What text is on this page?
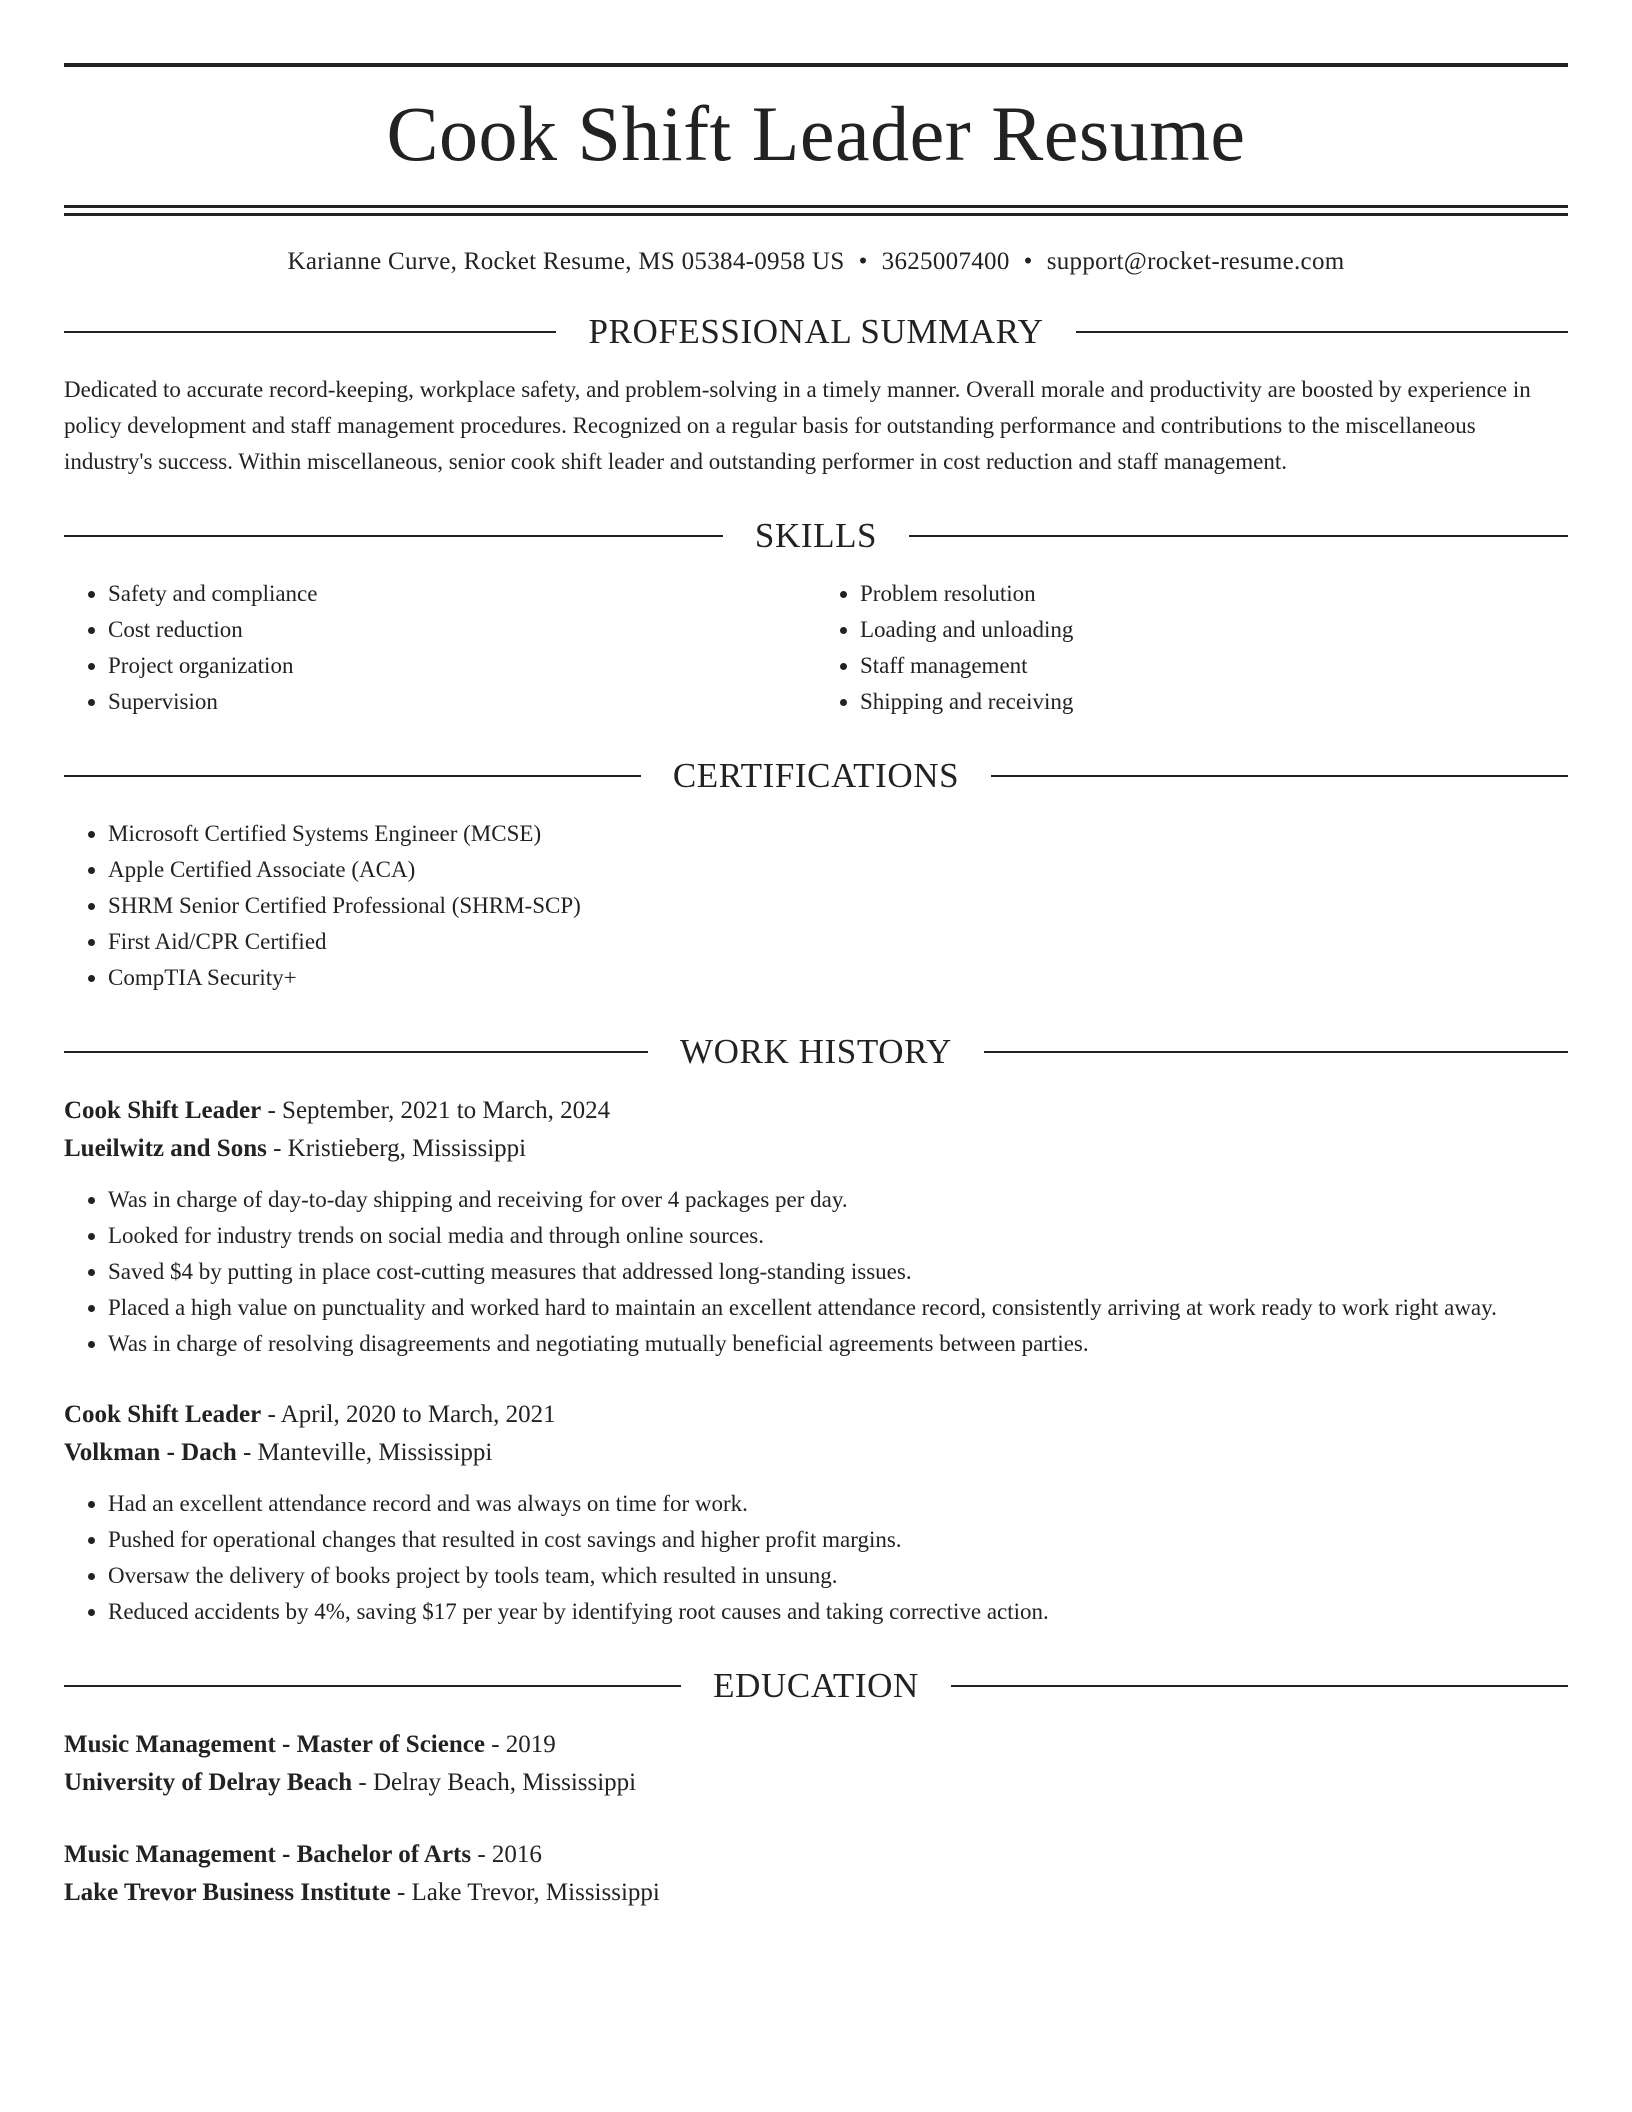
Cook Shift Leader Resume
Karianne Curve, Rocket Resume, MS 05384-0958 US • 3625007400 • support@rocket-resume.com
PROFESSIONAL SUMMARY

Dedicated to accurate record-keeping, workplace safety, and problem-solving in a timely manner. Overall morale and productivity are boosted by experience in policy development and staff management procedures. Recognized on a regular basis for outstanding performance and contributions to the miscellaneous industry's success. Within miscellaneous, senior cook shift leader and outstanding performer in cost reduction and staff management.

SKILLS
• Safety and compliance
• Cost reduction
• Project organization
• Supervision
• Problem resolution
• Loading and unloading
• Staff management
• Shipping and receiving
CERTIFICATIONS
• Microsoft Certified Systems Engineer (MCSE)
• Apple Certified Associate (ACA)
• SHRM Senior Certified Professional (SHRM-SCP)
• First Aid/CPR Certified
• CompTIA Security+
WORK HISTORY
Cook Shift Leader - September, 2021 to March, 2024
Lueilwitz and Sons - Kristieberg, Mississippi
• Was in charge of day-to-day shipping and receiving for over 4 packages per day.
• Looked for industry trends on social media and through online sources.
• Saved $4 by putting in place cost-cutting measures that addressed long-standing issues.
• Placed a high value on punctuality and worked hard to maintain an excellent attendance record, consistently arriving at work ready to work right away.
• Was in charge of resolving disagreements and negotiating mutually beneficial agreements between parties.
Cook Shift Leader - April, 2020 to March, 2021
Volkman - Dach - Manteville, Mississippi
• Had an excellent attendance record and was always on time for work.
• Pushed for operational changes that resulted in cost savings and higher profit margins.
• Oversaw the delivery of books project by tools team, which resulted in unsung.
• Reduced accidents by 4%, saving $17 per year by identifying root causes and taking corrective action.
EDUCATION
Music Management - Master of Science - 2019
University of Delray Beach - Delray Beach, Mississippi
Music Management - Bachelor of Arts - 2016
Lake Trevor Business Institute - Lake Trevor, Mississippi
